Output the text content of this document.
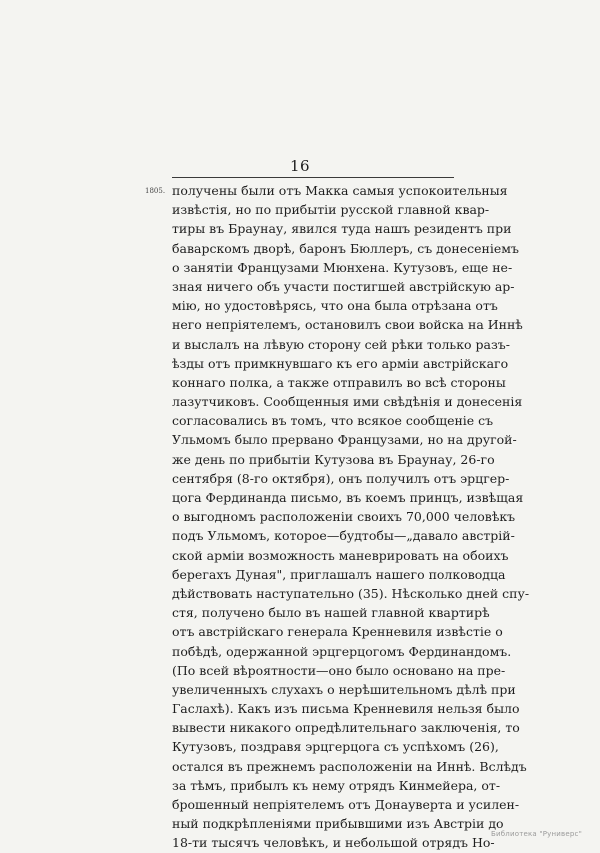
16
1805. получены были отъ Макка самыя успокоительныя
извѣстія, но по прибытіи русской главной квар-
тиры въ Браунау, явился туда нашъ резидентъ при
баварскомъ дворѣ, баронъ Бюллеръ, съ донесеніемъ
о занятіи Французами Мюнхена. Кутузовъ, еще не-
зная ничего объ участи постигшей австрійскую ар-
мію, но удостовѣрясь, что она была отрѣзана отъ
него непріятелемъ, остановилъ свои войска на Иннѣ
и выслалъ на лѣвую сторону сей рѣки только разъ-
ѣзды отъ примкнувшаго къ его арміи австрійскаго
коннаго полка, а также отправилъ во всѣ стороны
лазутчиковъ. Сообщенныя ими свѣдѣнія и донесенія
согласовались въ томъ, что всякое сообщеніе съ
Ульмомъ было прервано Французами, но на другой-
же день по прибытіи Кутузова въ Браунау, 26-го
сентября (8-го октября), онъ получилъ отъ эрцгер-
цога Фердинанда письмо, въ коемъ принцъ, извѣщая
о выгодномъ расположеніи своихъ 70,000 человѣкъ
подъ Ульмомъ, которое—будтобы—„давало австрій-
ской арміи возможность маневрировать на обоихъ
берегахъ Дуная", приглашалъ нашего полководца
дѣйствовать наступательно (35). Нѣсколько дней спу-
стя, получено было въ нашей главной квартирѣ
отъ австрійскаго генерала Кренневиля извѣстіе о
побѣдѣ, одержанной эрцгерцогомъ Фердинандомъ.
(По всей вѣроятности—оно было основано на пре-
увеличенныхъ слухахъ о нерѣшительномъ дѣлѣ при
Гаслахѣ). Какъ изъ письма Кренневиля нельзя было
вывести никакого опредѣлительнаго заключенія, то
Кутузовъ, поздравя эрцгерцога съ успѣхомъ (26),
остался въ прежнемъ расположеніи на Иннѣ. Вслѣдъ
за тѣмъ, прибылъ къ нему отрядъ Кинмейера, от-
брошенный непріятелемъ отъ Донауверта и усилен-
ный подкрѣпленіями прибывшими изъ Австріи до
18-ти тысячъ человѣкъ, и небольшой отрядъ Но-
Библиотека "Руниверс"
